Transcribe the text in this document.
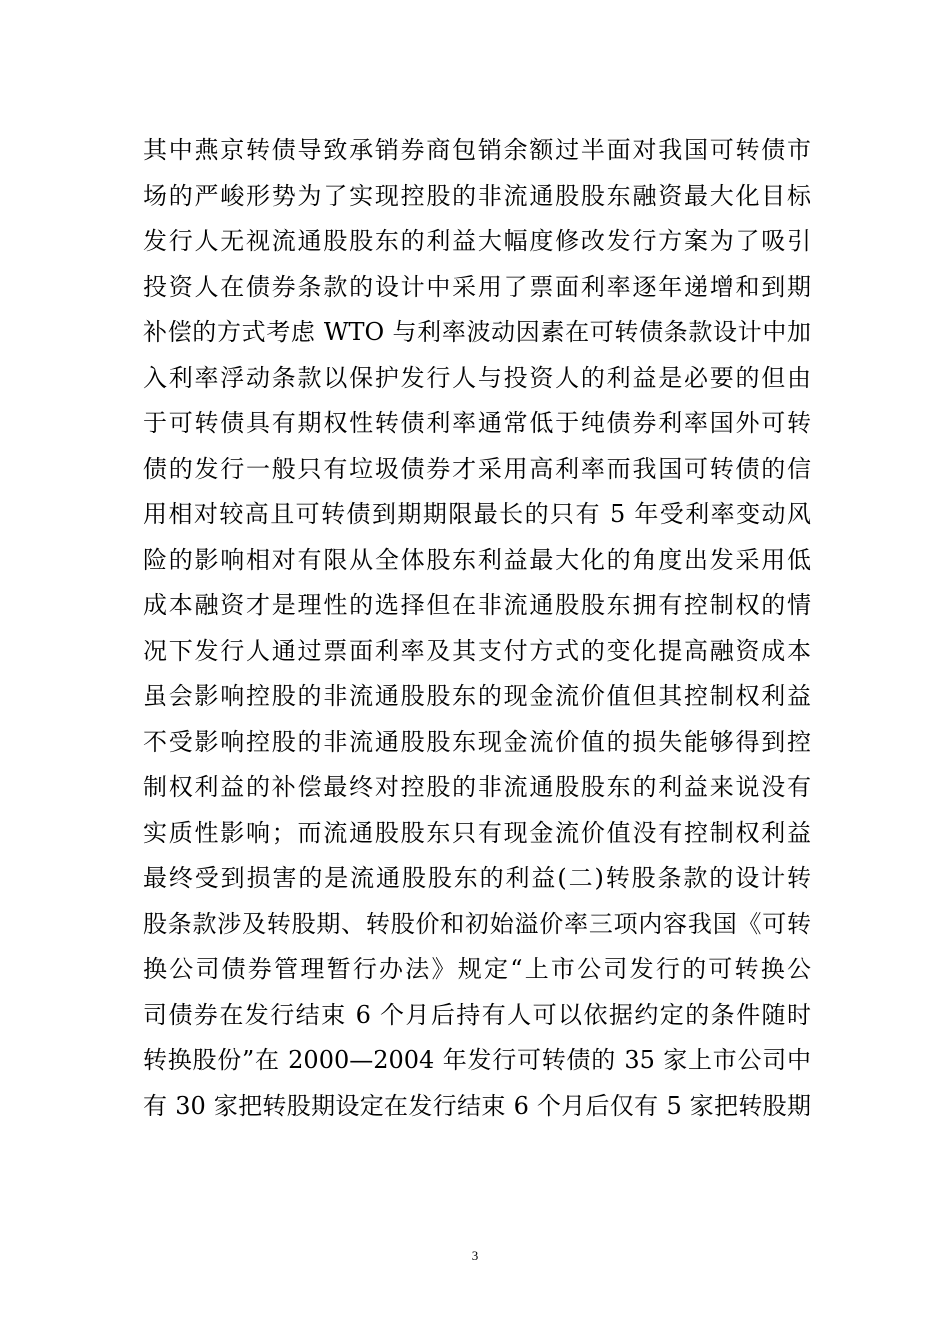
其中燕京转债导致承销券商包销余额过半面对我国可转债市
场的严峻形势为了实现控股的非流通股股东融资最大化目标
发行人无视流通股股东的利益大幅度修改发行方案为了吸引
投资人在债券条款的设计中采用了票面利率逐年递增和到期
补偿的方式考虑 WTO 与利率波动因素在可转债条款设计中加
入利率浮动条款以保护发行人与投资人的利益是必要的但由
于可转债具有期权性转债利率通常低于纯债券利率国外可转
债的发行一般只有垃圾债券才采用高利率而我国可转债的信
用相对较高且可转债到期期限最长的只有 5 年受利率变动风
险的影响相对有限从全体股东利益最大化的角度出发采用低
成本融资才是理性的选择但在非流通股股东拥有控制权的情
况下发行人通过票面利率及其支付方式的变化提高融资成本
虽会影响控股的非流通股股东的现金流价值但其控制权利益
不受影响控股的非流通股股东现金流价值的损失能够得到控
制权利益的补偿最终对控股的非流通股股东的利益来说没有
实质性影响；而流通股股东只有现金流价值没有控制权利益
最终受到损害的是流通股股东的利益(二)转股条款的设计转
股条款涉及转股期、转股价和初始溢价率三项内容我国《可转
换公司债券管理暂行办法》规定“上市公司发行的可转换公
司债券在发行结束 6 个月后持有人可以依据约定的条件随时
转换股份”在 2000—2004 年发行可转债的 35 家上市公司中
有 30 家把转股期设定在发行结束 6 个月后仅有 5 家把转股期
3
